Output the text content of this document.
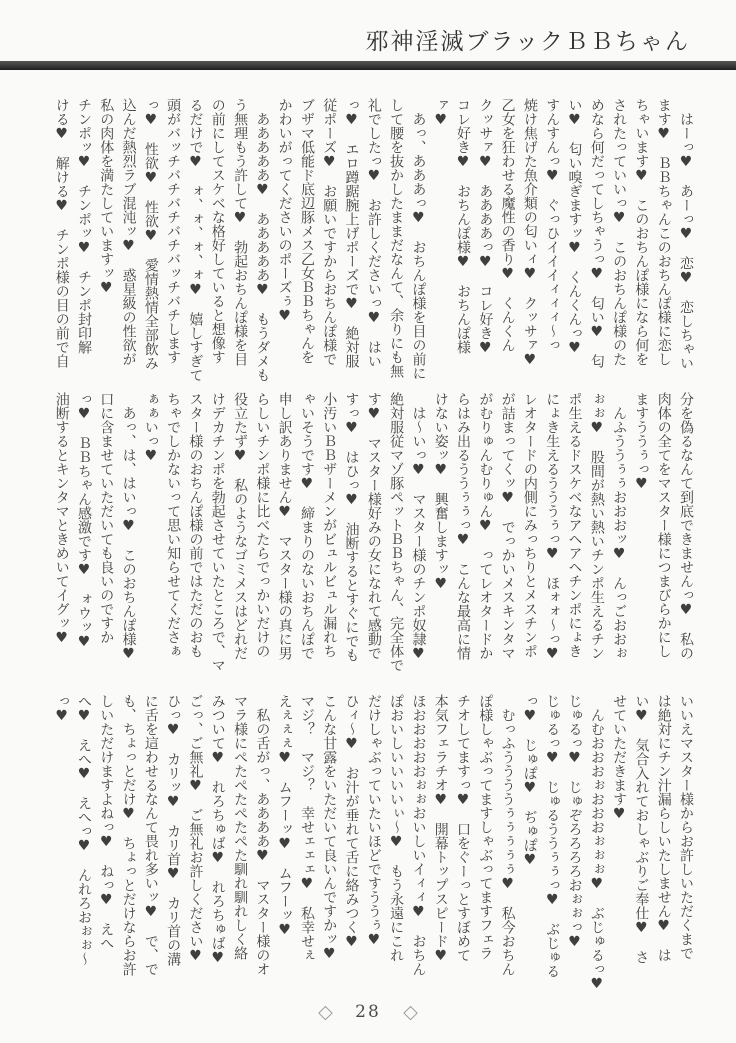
邪神淫滅ブラックＢＢちゃん
　はーっ♥　あーっ♥　恋♥　恋しちゃい
ます♥　ＢＢちゃんこのおちんぽ様に恋し
ちゃいます♥　このおちんぽ様になら何を
されたっていいっ♥　このおちんぽ様のた
めなら何だってしちゃうっ♥　匂い♥　匂
い♥　匂い嗅ぎますッ♥　くんくんっ♥
すんすんっ♥　ぐっひイイイィィィ～っ
焼け焦げた魚介類の匂いィ♥　クッサァ♥
乙女を狂わせる魔性の香り♥　くんくん
クッサァ♥　ああああっ♥　コレ好き♥
コレ好き♥　おちんぽ様♥　おちんぽ様
ァ♥
　あっ、あああっ♥　おちんぽ様を目の前に
して腰を抜かしたままだなんて、余りにも無
礼でしたっ♥　お許しくださいっ♥　はい
っ♥　エロ蹲踞腕上げポーズで♥　絶対服
従ポーズ♥　お願いですからおちんぽ様で
ブザマ低能ド底辺豚メス乙女ＢＢちゃんを
かわいがってくださいのポーズぅ♥
　あああああ♥　あああああ♥　もうダメも
う無理もう許して♥　勃起おちんぽ様を目
の前にしてスケベな格好していると想像す
るだけで♥　ォ、ォ、ォ、ォ♥　嬉しすぎて
頭がバッチバチバチバチバッチバチします
っ♥　性欲♥　性欲♥　愛情熱情全部飲み
込んだ熱烈ラブ混沌ッ♥　惑星級の性欲が
私の肉体を満たしていますッ♥
チンポッ♥　チンポッ♥　チンポ封印解
ける♥　解ける♥　チンポ様の目の前で自
分を偽るなんて到底できませんっ♥　私の
肉体の全てをマスター様につまびらかにし
ますううぅっ♥
　んふううぅぅおおおッ♥　んっごおおぉ
ぉぉ♥　股間が熱い熱いチンポ生えるチン
ポ生えるドスケベなアヘアヘチンポにょき
にょき生えるうううぅっ♥　ほォォ～っ♥
レオタードの内側にみっちりとメスチンポ
が詰まってくッ♥　でっかいメスキンタマ
がむりゅんむりゅん♥　ってレオタードか
らはみ出るううぅぅっ♥　こんな最高に情
けない姿ッ♥　興奮しますッ♥
　は～いっ♥　マスター様のチンポ奴隷♥
絶対服従マゾ豚ペットＢＢちゃん、完全体で
す♥　マスター様好みの女になれて感動で
すっ♥　はひっ♥　油断するとすぐにでも
小汚いＢＢザーメンがビュルビュル漏れち
ゃいそうです♥　締まりのないおちんぽで
申し訳ありません♥　マスター様の真に男
らしいチンポ様に比べたらでっかいだけの
役立たず♥　私のようなゴミメスはどれだ
けデカチンポを勃起させていたところで、マ
スター様のおちんぽ様の前ではただのおも
ちゃでしかないって思い知らせてくださぁ
ぁぁいっ♥
　あっ、は、はいっ♥　このおちんぽ様♥
口に含ませていただいても良いのですか
っ♥　ＢＢちゃん感激です♥　ォウッ♥
油断するとキンタマときめいてイグッ♥
いいえマスター様からお許しいただくまで
は絶対にチン汁漏らしいたしません♥　は
い♥　気合入れておしゃぶりご奉仕♥　さ
せていただきます♥
　んむおおおぉおおおぉぉぉ♥　ぶじゅるっ♥
じゅるっ♥　じゅぞろろろろおぉぉっ♥
じゅるっ♥　じゅるううぅぅっ♥　ぶじゅる
っ♥　じゅぽ♥　ぢゅぽ♥
　むっふううううぅぅぅぅぅ♥　私今おちん
ぽ様しゃぶってますしゃぶってますフェラ
チオしてますっ♥　口をぐーっとすぼめて
本気フェラチオ♥　開幕トップスピード♥
ほおおおおおぉぉおいしいイィィ♥　おちん
ぽおいしいいいいぃ～♥　もう永遠にこれ
だけしゃぶっていたいほどですううぅ♥
ひィ～♥　お汁が垂れて舌に絡みつく♥
こんな甘露をいただいて良いんですかッ♥
マジ？　マジ？　幸せェェェ♥　私幸せぇ
えぇぇぇ♥　ムフーッ♥　ムフーッ♥
　私の舌がっ、ああああ♥　マスター様のオ
マラ様にぺたぺたぺたぺた馴れ馴れしく絡
みついて♥　れろちゅば♥　れろちゅば♥
ごっ、ご無礼♥　ご無礼お許しください♥
ひっ♥　カリッ♥　カリ首♥　カリ首の溝
に舌を這わせるなんて畏れ多いッ♥　で、で
も、ちょっとだけ♥　ちょっとだけならお許
しいただけますよねっ♥　ねっ♥　えへ
へ♥　えへ♥　えへっ♥　んれろおぉぉ～
っ♥
◇ 28 ◇
